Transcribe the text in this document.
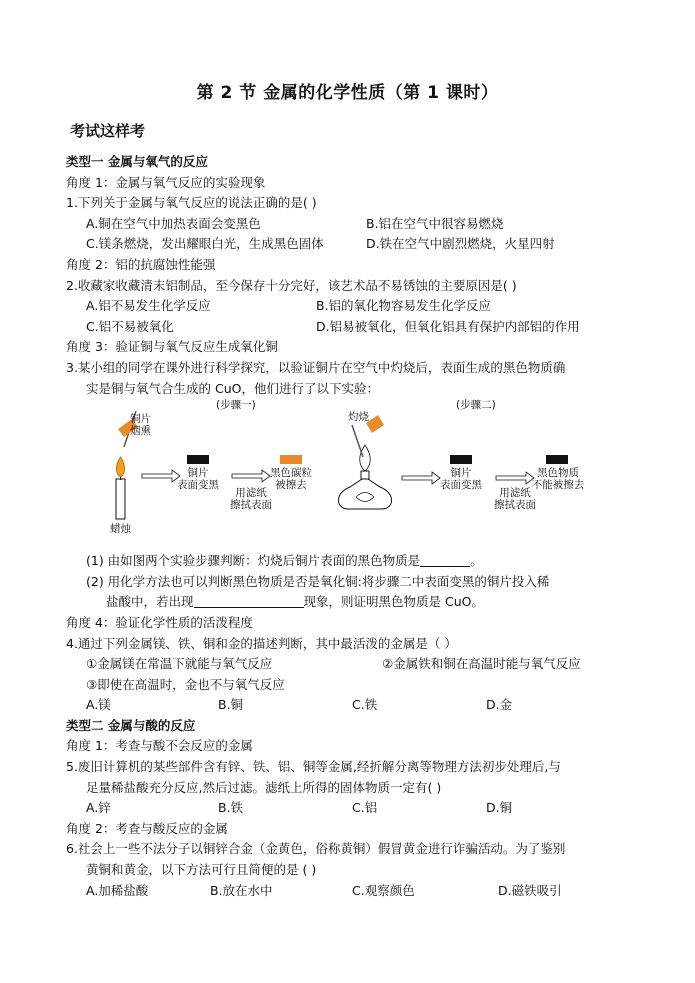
第 2 节 金属的化学性质（第 1 课时）
考试这样考
类型一 金属与氧气的反应
角度 1：金属与氧气反应的实验现象
1.下列关于金属与氧气反应的说法正确的是( )
A.铜在空气中加热表面会变黑色	B.铝在空气中很容易燃烧
C.镁条燃烧，发出耀眼白光，生成黑色固体	D.铁在空气中剧烈燃烧，火星四射
角度 2：铝的抗腐蚀性能强
2.收藏家收藏清末铝制品，至今保存十分完好，该艺术品不易锈蚀的主要原因是( )
A.铝不易发生化学反应	B.铝的氧化物容易发生化学反应
C.铝不易被氧化	D.铝易被氧化，但氧化铝具有保护内部铝的作用
角度 3：验证铜与氧气反应生成氧化铜
3.某小组的同学在课外进行科学探究，以验证铜片在空气中灼烧后，表面生成的黑色物质确
实是铜与氧气合生成的 CuO，他们进行了以下实验：
(步骤一)	(步骤二)
铜片
烟熏
蜡烛
灼烧
铜片
表面变黑
用滤纸
擦拭表面
黑色碳粒
被擦去
铜片
表面变黑
用滤纸
擦拭表面
黑色物质
不能被擦去
(1) 由如图两个实验步骤判断：灼烧后铜片表面的黑色物质是	。
(2) 用化学方法也可以判断黑色物质是否是氧化铜:将步骤二中表面变黑的铜片投入稀
盐酸中，若出现	现象，则证明黑色物质是 CuO。
角度 4：验证化学性质的活泼程度
4.通过下列金属镁、铁、铜和金的描述判断，其中最活泼的金属是（ ）
①金属镁在常温下就能与氧气反应	②金属铁和铜在高温时能与氧气反应
③即使在高温时，金也不与氧气反应
A.镁	B.铜	C.铁	D.金
类型二 金属与酸的反应
角度 1：考查与酸不会反应的金属
5.废旧计算机的某些部件含有锌、铁、铝、铜等金属,经折解分离等物理方法初步处理后,与
足量稀盐酸充分反应,然后过滤。滤纸上所得的固体物质一定有( )
A.锌	B.铁	C.铝	D.铜
角度 2：考查与酸反应的金属
6.社会上一些不法分子以铜锌合金（金黄色，俗称黄铜）假冒黄金进行诈骗活动。为了鉴别
黄铜和黄金，以下方法可行且简便的是 ( )
A.加稀盐酸	B.放在水中	C.观察颜色	D.磁铁吸引
